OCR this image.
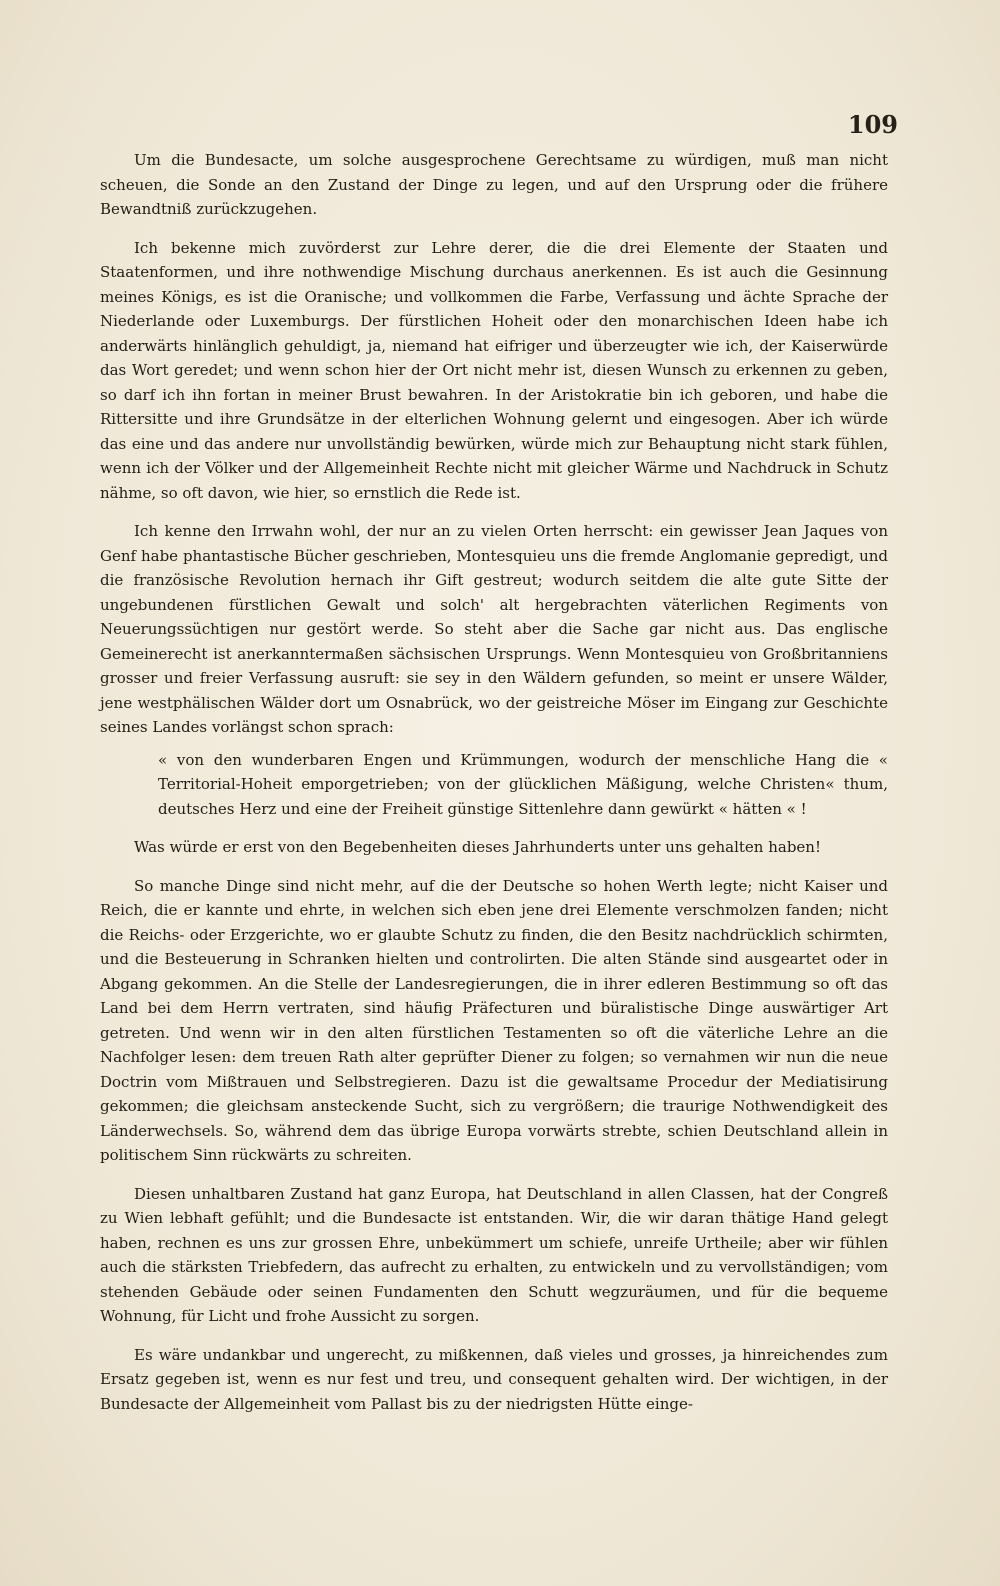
109

Um die Bundesacte, um solche ausgesprochene Gerechtsame zu würdigen, muß man nicht scheuen, die Sonde an den Zustand der Dinge zu legen, und auf den Ursprung oder die frühere Bewandtniß zurückzugehen.

Ich bekenne mich zuvörderst zur Lehre derer, die die drei Elemente der Staaten und Staatenformen, und ihre nothwendige Mischung durchaus anerkennen. Es ist auch die Gesinnung meines Königs, es ist die Oranische; und vollkommen die Farbe, Verfassung und ächte Sprache der Niederlande oder Luxemburgs. Der fürstlichen Hoheit oder den monarchischen Ideen habe ich anderwärts hinlänglich gehuldigt, ja, niemand hat eifriger und überzeugter wie ich, der Kaiserwürde das Wort geredet; und wenn schon hier der Ort nicht mehr ist, diesen Wunsch zu erkennen zu geben, so darf ich ihn fortan in meiner Brust bewahren. In der Aristokratie bin ich geboren, und habe die Rittersitte und ihre Grundsätze in der elterlichen Wohnung gelernt und eingesogen. Aber ich würde das eine und das andere nur unvollständig bewürken, würde mich zur Behauptung nicht stark fühlen, wenn ich der Völker und der Allgemeinheit Rechte nicht mit gleicher Wärme und Nachdruck in Schutz nähme, so oft davon, wie hier, so ernstlich die Rede ist.

Ich kenne den Irrwahn wohl, der nur an zu vielen Orten herrscht: ein gewisser Jean Jaques von Genf habe phantastische Bücher geschrieben, Montesquieu uns die fremde Anglomanie gepredigt, und die französische Revolution hernach ihr Gift gestreut; wodurch seitdem die alte gute Sitte der ungebundenen fürstlichen Gewalt und solch' alt hergebrachten väterlichen Regiments von Neuerungssüchtigen nur gestört werde. So steht aber die Sache gar nicht aus. Das englische Gemeinerecht ist anerkanntermaßen sächsischen Ursprungs. Wenn Montesquieu von Großbritanniens grosser und freier Verfassung ausruft: sie sey in den Wäldern gefunden, so meint er unsere Wälder, jene westphälischen Wälder dort um Osnabrück, wo der geistreiche Möser im Eingang zur Geschichte seines Landes vorlängst schon sprach:

« von den wunderbaren Engen und Krümmungen, wodurch der menschliche Hang die « Territorial-Hoheit emporgetrieben; von der glücklichen Mäßigung, welche Christen« thum, deutsches Herz und eine der Freiheit günstige Sittenlehre dann gewürkt « hätten « !

Was würde er erst von den Begebenheiten dieses Jahrhunderts unter uns gehalten haben!

So manche Dinge sind nicht mehr, auf die der Deutsche so hohen Werth legte; nicht Kaiser und Reich, die er kannte und ehrte, in welchen sich eben jene drei Elemente verschmolzen fanden; nicht die Reichs- oder Erzgerichte, wo er glaubte Schutz zu finden, die den Besitz nachdrücklich schirmten, und die Besteuerung in Schranken hielten und controlirten. Die alten Stände sind ausgeartet oder in Abgang gekommen. An die Stelle der Landesregierungen, die in ihrer edleren Bestimmung so oft das Land bei dem Herrn vertraten, sind häufig Präfecturen und büralistische Dinge auswärtiger Art getreten. Und wenn wir in den alten fürstlichen Testamenten so oft die väterliche Lehre an die Nachfolger lesen: dem treuen Rath alter geprüfter Diener zu folgen; so vernahmen wir nun die neue Doctrin vom Mißtrauen und Selbstregieren. Dazu ist die gewaltsame Procedur der Mediatisirung gekommen; die gleichsam ansteckende Sucht, sich zu vergrößern; die traurige Nothwendigkeit des Länderwechsels. So, während dem das übrige Europa vorwärts strebte, schien Deutschland allein in politischem Sinn rückwärts zu schreiten.

Diesen unhaltbaren Zustand hat ganz Europa, hat Deutschland in allen Classen, hat der Congreß zu Wien lebhaft gefühlt; und die Bundesacte ist entstanden. Wir, die wir daran thätige Hand gelegt haben, rechnen es uns zur grossen Ehre, unbekümmert um schiefe, unreife Urtheile; aber wir fühlen auch die stärksten Triebfedern, das aufrecht zu erhalten, zu entwickeln und zu vervollständigen; vom stehenden Gebäude oder seinen Fundamenten den Schutt wegzuräumen, und für die bequeme Wohnung, für Licht und frohe Aussicht zu sorgen.

Es wäre undankbar und ungerecht, zu mißkennen, daß vieles und grosses, ja hinreichendes zum Ersatz gegeben ist, wenn es nur fest und treu, und consequent gehalten wird. Der wichtigen, in der Bundesacte der Allgemeinheit vom Pallast bis zu der niedrigsten Hütte einge-
